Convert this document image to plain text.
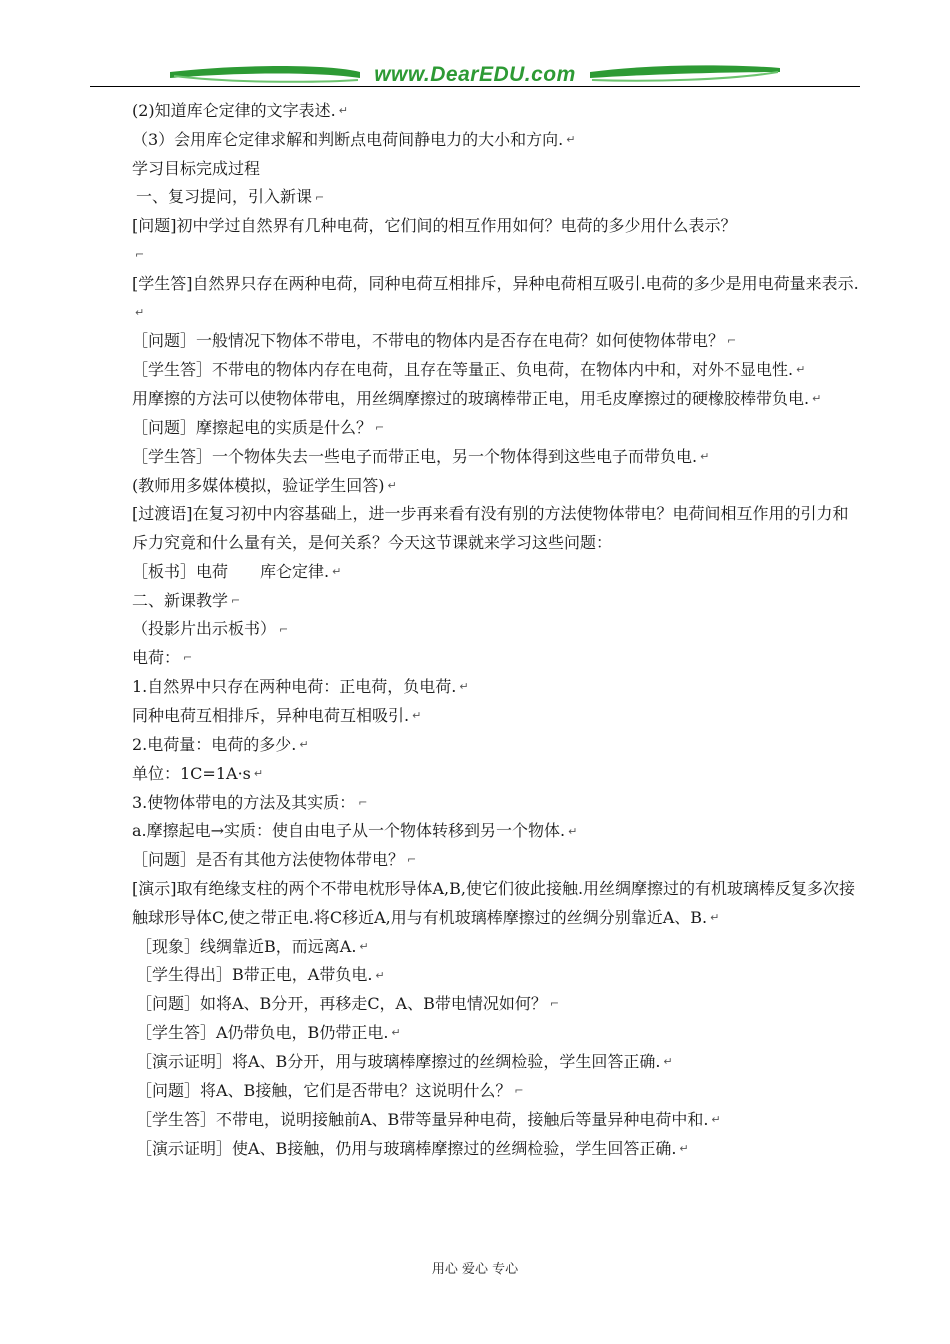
www.DearEDU.com

(2)知道库仑定律的文字表述. ↵

（3）会用库仑定律求解和判断点电荷间静电力的大小和方向. ↵

学习目标完成过程

一、复习提问，引入新课 ⌐

[问题]初中学过自然界有几种电荷，它们间的相互作用如何？电荷的多少用什么表示？
⌐

[学生答]自然界只存在两种电荷，同种电荷互相排斥，异种电荷相互吸引.电荷的多少是用电荷量来表示.↵

［问题］一般情况下物体不带电，不带电的物体内是否存在电荷？如何使物体带电？ ⌐

［学生答］不带电的物体内存在电荷，且存在等量正、负电荷，在物体内中和，对外不显电性. ↵

用摩擦的方法可以使物体带电，用丝绸摩擦过的玻璃棒带正电，用毛皮摩擦过的硬橡胶棒带负电. ↵

［问题］摩擦起电的实质是什么？ ⌐

［学生答］一个物体失去一些电子而带正电，另一个物体得到这些电子而带负电. ↵

(教师用多媒体模拟，验证学生回答) ↵

[过渡语]在复习初中内容基础上，进一步再来看有没有别的方法使物体带电？电荷间相互作用的引力和斥力究竟和什么量有关，是何关系？今天这节课就来学习这些问题：

［板书］电荷　　库仑定律. ↵

二、新课教学 ⌐

（投影片出示板书） ⌐

电荷： ⌐

1.自然界中只存在两种电荷：正电荷，负电荷. ↵

同种电荷互相排斥，异种电荷互相吸引. ↵

2.电荷量：电荷的多少. ↵

单位：1C=1A·s ↵

3.使物体带电的方法及其实质： ⌐

a.摩擦起电→实质：使自由电子从一个物体转移到另一个物体. ↵

［问题］是否有其他方法使物体带电？ ⌐

[演示]取有绝缘支柱的两个不带电枕形导体A,B,使它们彼此接触.用丝绸摩擦过的有机玻璃棒反复多次接触球形导体C,使之带正电.将C移近A,用与有机玻璃棒摩擦过的丝绸分别靠近A、B. ↵

［现象］线绸靠近B，而远离A. ↵

［学生得出］B带正电，A带负电. ↵

［问题］如将A、B分开，再移走C，A、B带电情况如何？ ⌐

［学生答］A仍带负电，B仍带正电. ↵

［演示证明］将A、B分开，用与玻璃棒摩擦过的丝绸检验，学生回答正确. ↵

［问题］将A、B接触，它们是否带电？这说明什么？ ⌐

［学生答］不带电，说明接触前A、B带等量异种电荷，接触后等量异种电荷中和. ↵

［演示证明］使A、B接触，仍用与玻璃棒摩擦过的丝绸检验，学生回答正确. ↵

用心 爱心 专心
